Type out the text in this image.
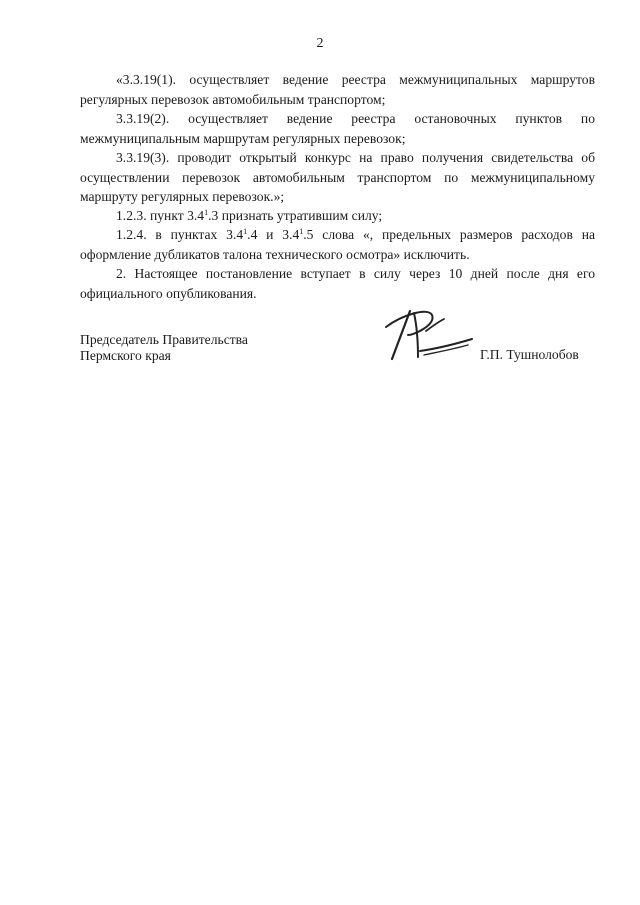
2

«3.3.19(1). осуществляет ведение реестра межмуниципальных маршрутов регулярных перевозок автомобильным транспортом;

3.3.19(2). осуществляет ведение реестра остановочных пунктов по межмуниципальным маршрутам регулярных перевозок;

3.3.19(3). проводит открытый конкурс на право получения свидетельства об осуществлении перевозок автомобильным транспортом по межмуниципальному маршруту регулярных перевозок.»;

1.2.3. пункт $3.4^1.3$ признать утратившим силу;

1.2.4. в пунктах $3.4^1.4$ и $3.4^1.5$ слова «, предельных размеров расходов на оформление дубликатов талона технического осмотра» исключить.

2. Настоящее постановление вступает в силу через 10 дней после дня его официального опубликования.

Председатель Правительства
Пермского края	Г.П. Тушнолобов
